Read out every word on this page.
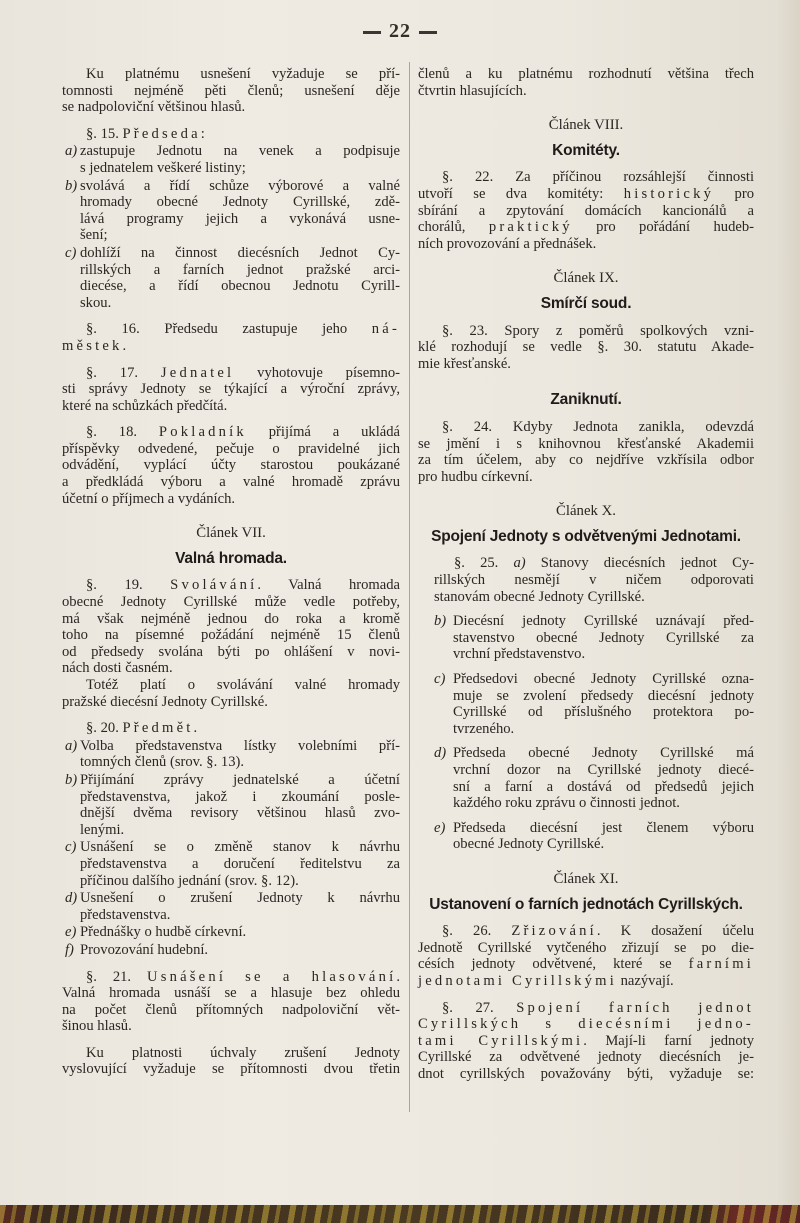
22
Ku platnému usnešení vyžaduje se pří-
tomnosti nejméně pěti členů; usnešení děje
se nadpoloviční většinou hlasů.
§. 15. Předseda:
a) zastupuje Jednotu na venek a podpisuje
s jednatelem veškeré listiny;
b) svolává a řídí schůze výborové a valné
hromady obecné Jednoty Cyrillské, zdě-
lává programy jejich a vykonává usne-
šení;
c) dohlíží na činnost diecésních Jednot Cy-
rillských a farních jednot pražské arci-
diecése, a řídí obecnou Jednotu Cyrill-
skou.
§. 16. Předsedu zastupuje jeho ná-
městek.
§. 17. Jednatel vyhotovuje písemno-
sti správy Jednoty se týkající a výroční zprávy,
které na schůzkách předčítá.
§. 18. Pokladník přijímá a ukládá
příspěvky odvedené, pečuje o pravidelné jich
odvádění, vyplácí účty starostou poukázané
a předkládá výboru a valné hromadě zprávu
účetní o příjmech a vydáních.
Článek VII.
Valná hromada.
§. 19. Svolávání. Valná hromada
obecné Jednoty Cyrillské může vedle potřeby,
má však nejméně jednou do roka a kromě
toho na písemné požádání nejméně 15 členů
od předsedy svolána býti po ohlášení v novi-
nách dosti časném.
Totéž platí o svolávání valné hromady
pražské diecésní Jednoty Cyrillské.
§. 20. Předmět.
a) Volba představenstva lístky volebními pří-
tomných členů (srov. §. 13).
b) Přijímání zprávy jednatelské a účetní
představenstva, jakož i zkoumání posle-
dnější dvěma revisory většinou hlasů zvo-
lenými.
c) Usnášení se o změně stanov k návrhu
představenstva a doručení ředitelstvu za
příčinou dalšího jednání (srov. §. 12).
d) Usnešení o zrušení Jednoty k návrhu
představenstva.
e) Přednášky o hudbě církevní.
f) Provozování hudební.
§. 21. Usnášení se a hlasování.
Valná hromada usnáší se a hlasuje bez ohledu
na počet členů přítomných nadpoloviční vět-
šinou hlasů.
Ku platnosti úchvaly zrušení Jednoty
vyslovující vyžaduje se přítomnosti dvou třetin
členů a ku platnému rozhodnutí většina třech
čtvrtin hlasujících.
Článek VIII.
Komitéty.
§. 22. Za příčinou rozsáhlejší činnosti
utvoří se dva komitéty: historický pro
sbírání a zpytování domácích kancionálů a
chorálů, praktický pro pořádání hudeb-
ních provozování a přednášek.
Článek IX.
Smírčí soud.
§. 23. Spory z poměrů spolkových vzni-
klé rozhodují se vedle §. 30. statutu Akade-
mie křesťanské.
Zaniknutí.
§. 24. Kdyby Jednota zanikla, odevzdá
se jmění i s knihovnou křesťanské Akademii
za tím účelem, aby co nejdříve vzkřísila odbor
pro hudbu církevní.
Článek X.
Spojení Jednoty s odvětvenými Jednotami.
§. 25. a) Stanovy diecésních jednot Cy-
rillských nesmějí v ničem odporovati
stanovám obecné Jednoty Cyrillské.
b) Diecésní jednoty Cyrillské uznávají před-
stavenstvo obecné Jednoty Cyrillské za
vrchní představenstvo.
c) Předsedovi obecné Jednoty Cyrillské ozna-
muje se zvolení předsedy diecésní jednoty
Cyrillské od příslušného protektora po-
tvrzeného.
d) Předseda obecné Jednoty Cyrillské má
vrchní dozor na Cyrillské jednoty diecé-
sní a farní a dostává od předsedů jejich
každého roku zprávu o činnosti jednot.
e) Předseda diecésní jest členem výboru
obecné Jednoty Cyrillské.
Článek XI.
Ustanovení o farních jednotách Cyrillských.
§. 26. Zřizování. K dosažení účelu
Jednotě Cyrillské vytčeného zřizují se po die-
césích jednoty odvětvené, které se farními
jednotami Cyrillskými nazývají.
§. 27. Spojení farních jednot
Cyrillských s diecésními jedno-
tami Cyrillskými. Mají-li farní jednoty
Cyrillské za odvětvené jednoty diecésních je-
dnot cyrillských považovány býti, vyžaduje se:
